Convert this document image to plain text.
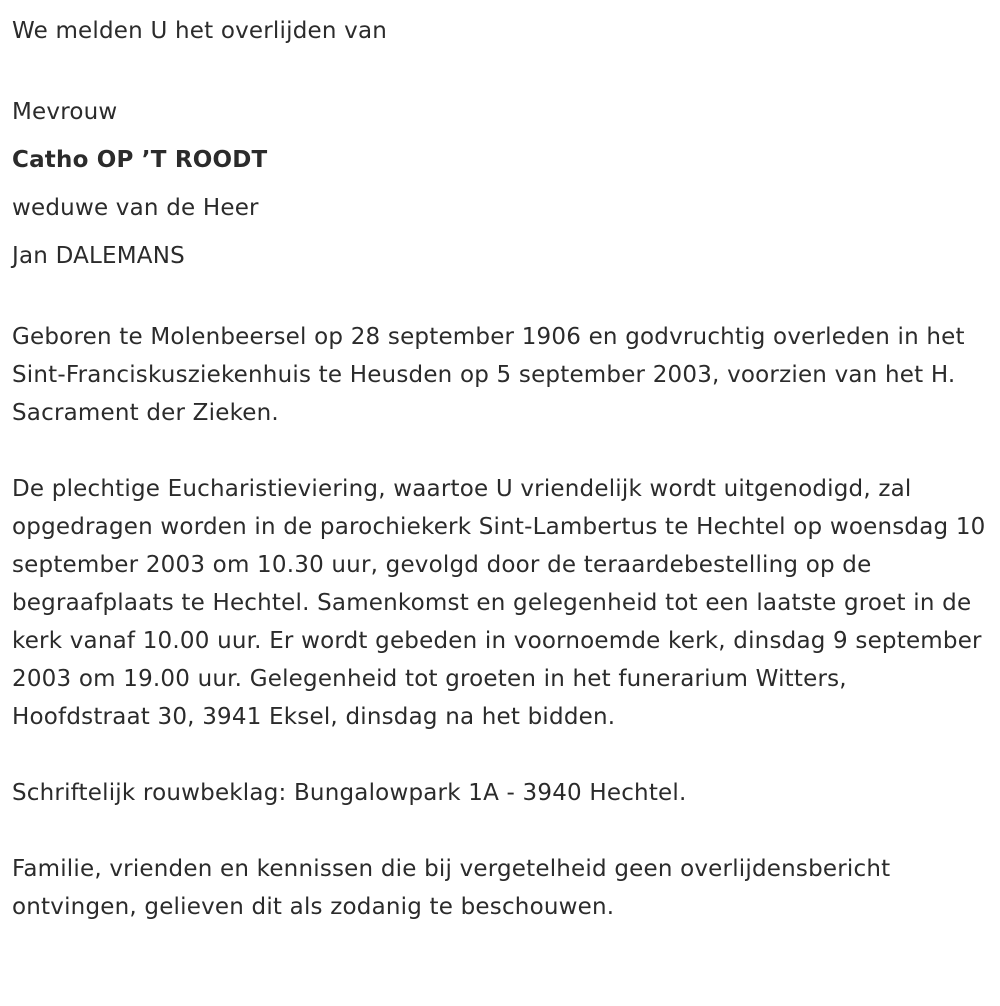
We melden U het overlijden van

Mevrouw

Catho OP ’T ROODT

weduwe van de Heer

Jan DALEMANS

Geboren te Molenbeersel op 28 september 1906 en godvruchtig overleden in het Sint-Franciskusziekenhuis te Heusden op 5 september 2003, voorzien van het H. Sacrament der Zieken.

De plechtige Eucharistieviering, waartoe U vriendelijk wordt uitgenodigd, zal opgedragen worden in de parochiekerk Sint-Lambertus te Hechtel op woensdag 10 september 2003 om 10.30 uur, gevolgd door de teraardebestelling op de begraafplaats te Hechtel. Samenkomst en gelegenheid tot een laatste groet in de kerk vanaf 10.00 uur. Er wordt gebeden in voornoemde kerk, dinsdag 9 september 2003 om 19.00 uur. Gelegenheid tot groeten in het funerarium Witters, Hoofdstraat 30, 3941 Eksel, dinsdag na het bidden.

Schriftelijk rouwbeklag: Bungalowpark 1A - 3940 Hechtel.

Familie, vrienden en kennissen die bij vergetelheid geen overlijdensbericht ontvingen, gelieven dit als zodanig te beschouwen.
